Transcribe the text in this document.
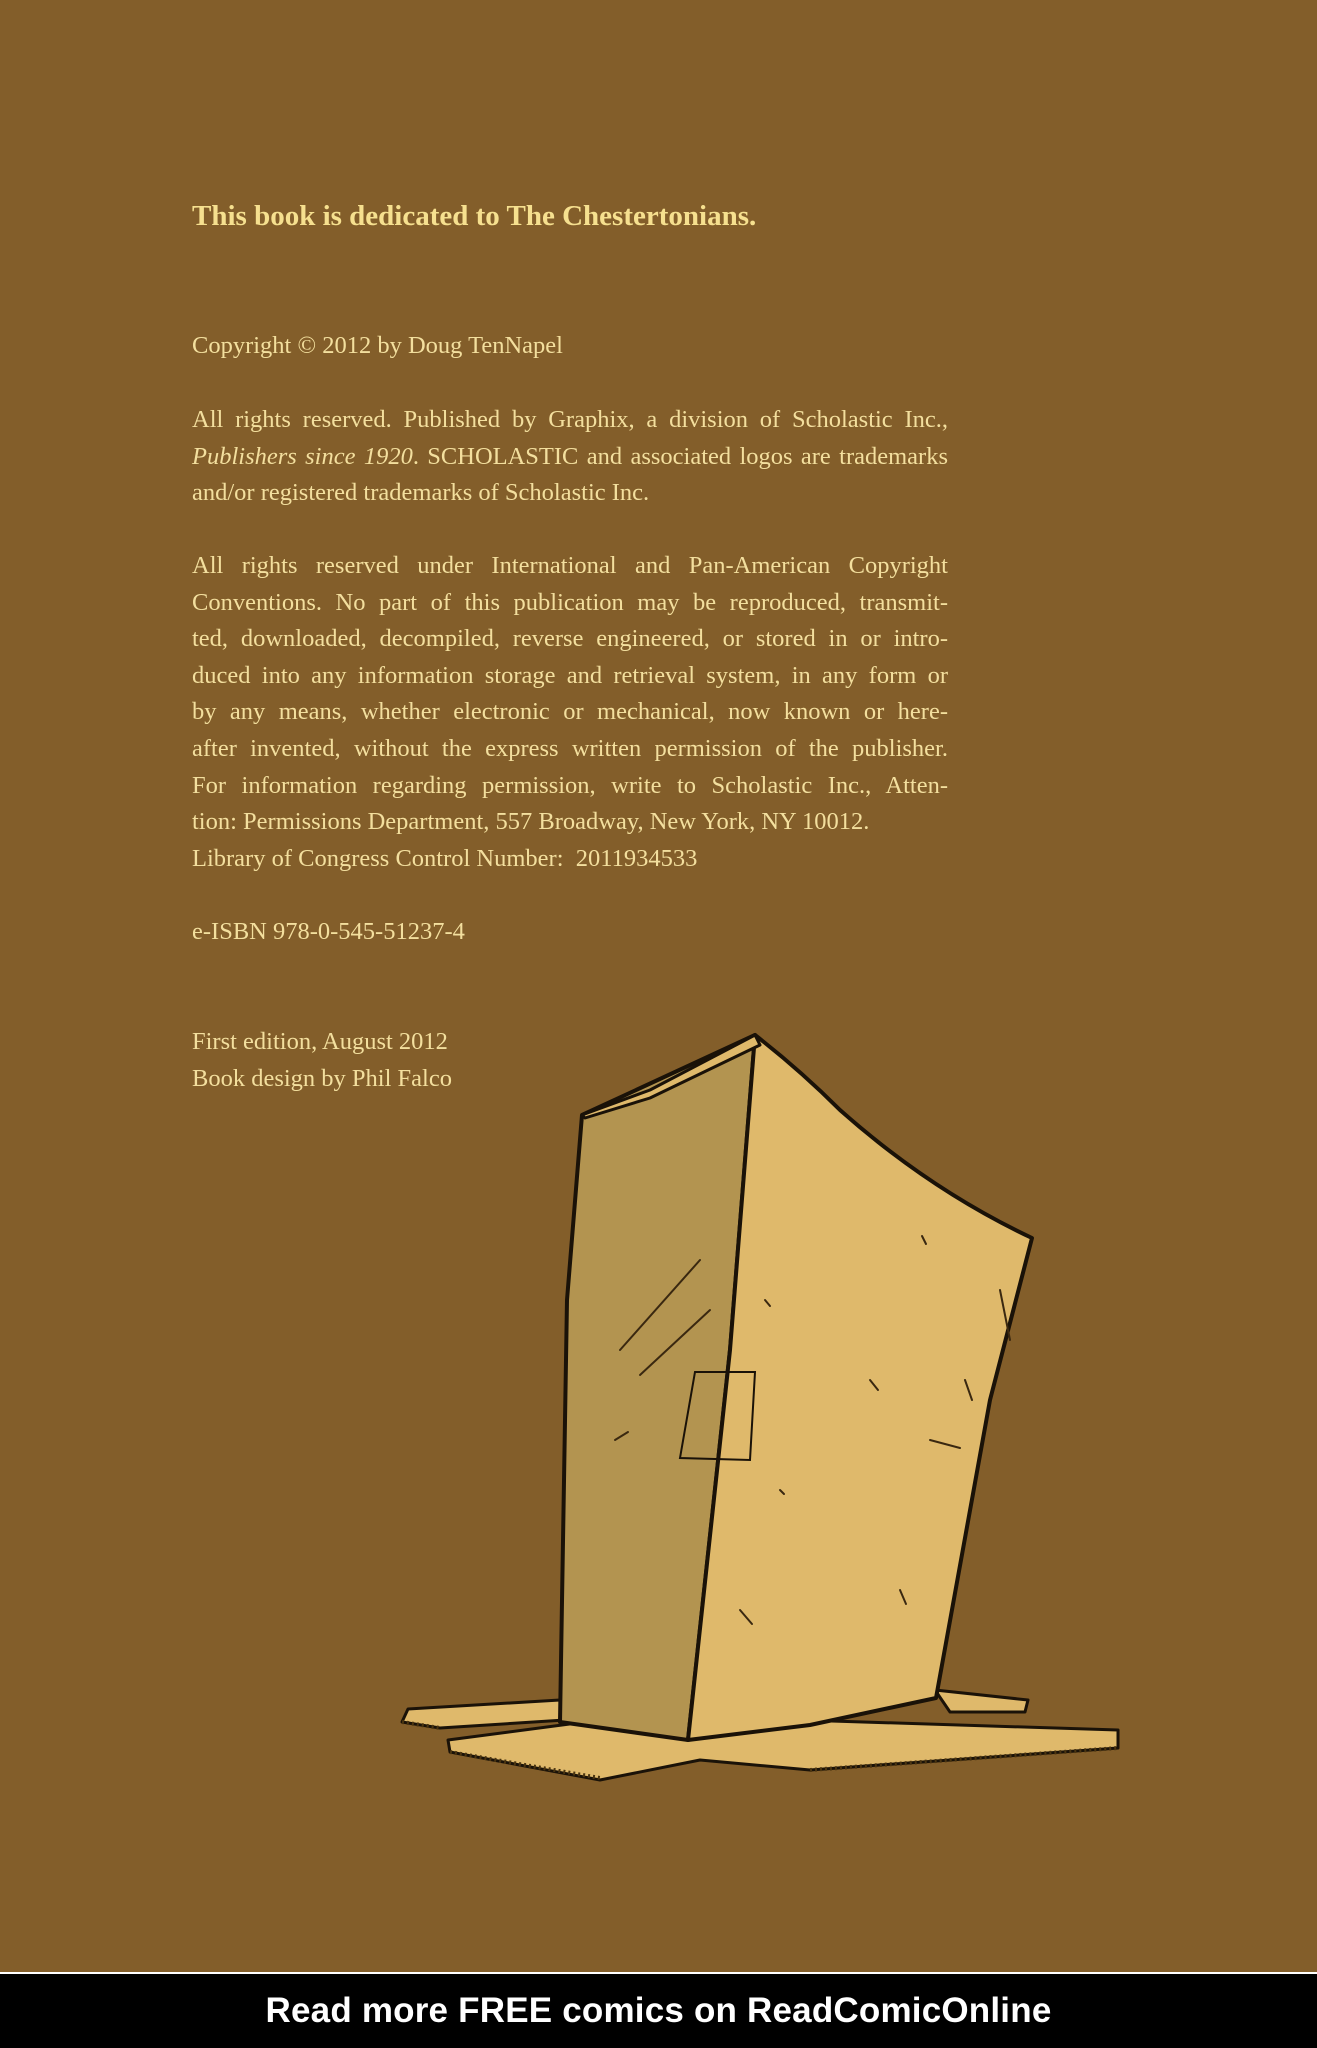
This book is dedicated to The Chestertonians.
Copyright © 2012 by Doug TenNapel
All rights reserved. Published by Graphix, a division of Scholastic Inc.,
Publishers since 1920. SCHOLASTIC and associated logos are trademarks
and/or registered trademarks of Scholastic Inc.
All rights reserved under International and Pan-American Copyright
Conventions. No part of this publication may be reproduced, transmit-
ted, downloaded, decompiled, reverse engineered, or stored in or intro-
duced into any information storage and retrieval system, in any form or
by any means, whether electronic or mechanical, now known or here-
after invented, without the express written permission of the publisher.
For information regarding permission, write to Scholastic Inc., Atten-
tion: Permissions Department, 557 Broadway, New York, NY 10012.
Library of Congress Control Number:  2011934533
e-ISBN 978-0-545-51237-4
First edition, August 2012
Book design by Phil Falco
Read more FREE comics on ReadComicOnline
